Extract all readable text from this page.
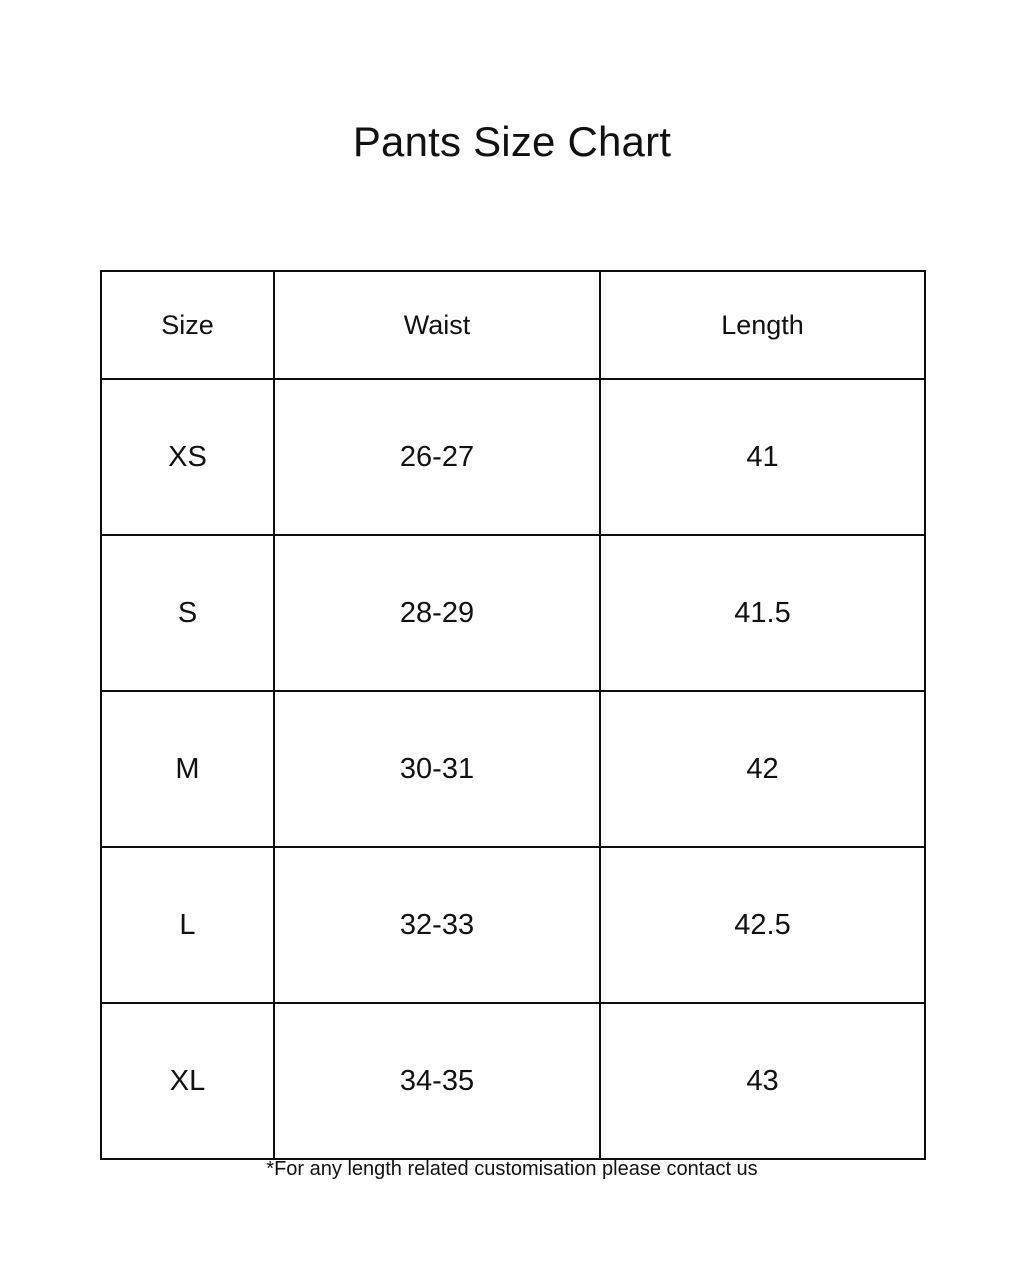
Pants Size Chart
Size	Waist	Length
XS	26-27	41
S	28-29	41.5
M	30-31	42
L	32-33	42.5
XL	34-35	43
*For any length related customisation please contact us
